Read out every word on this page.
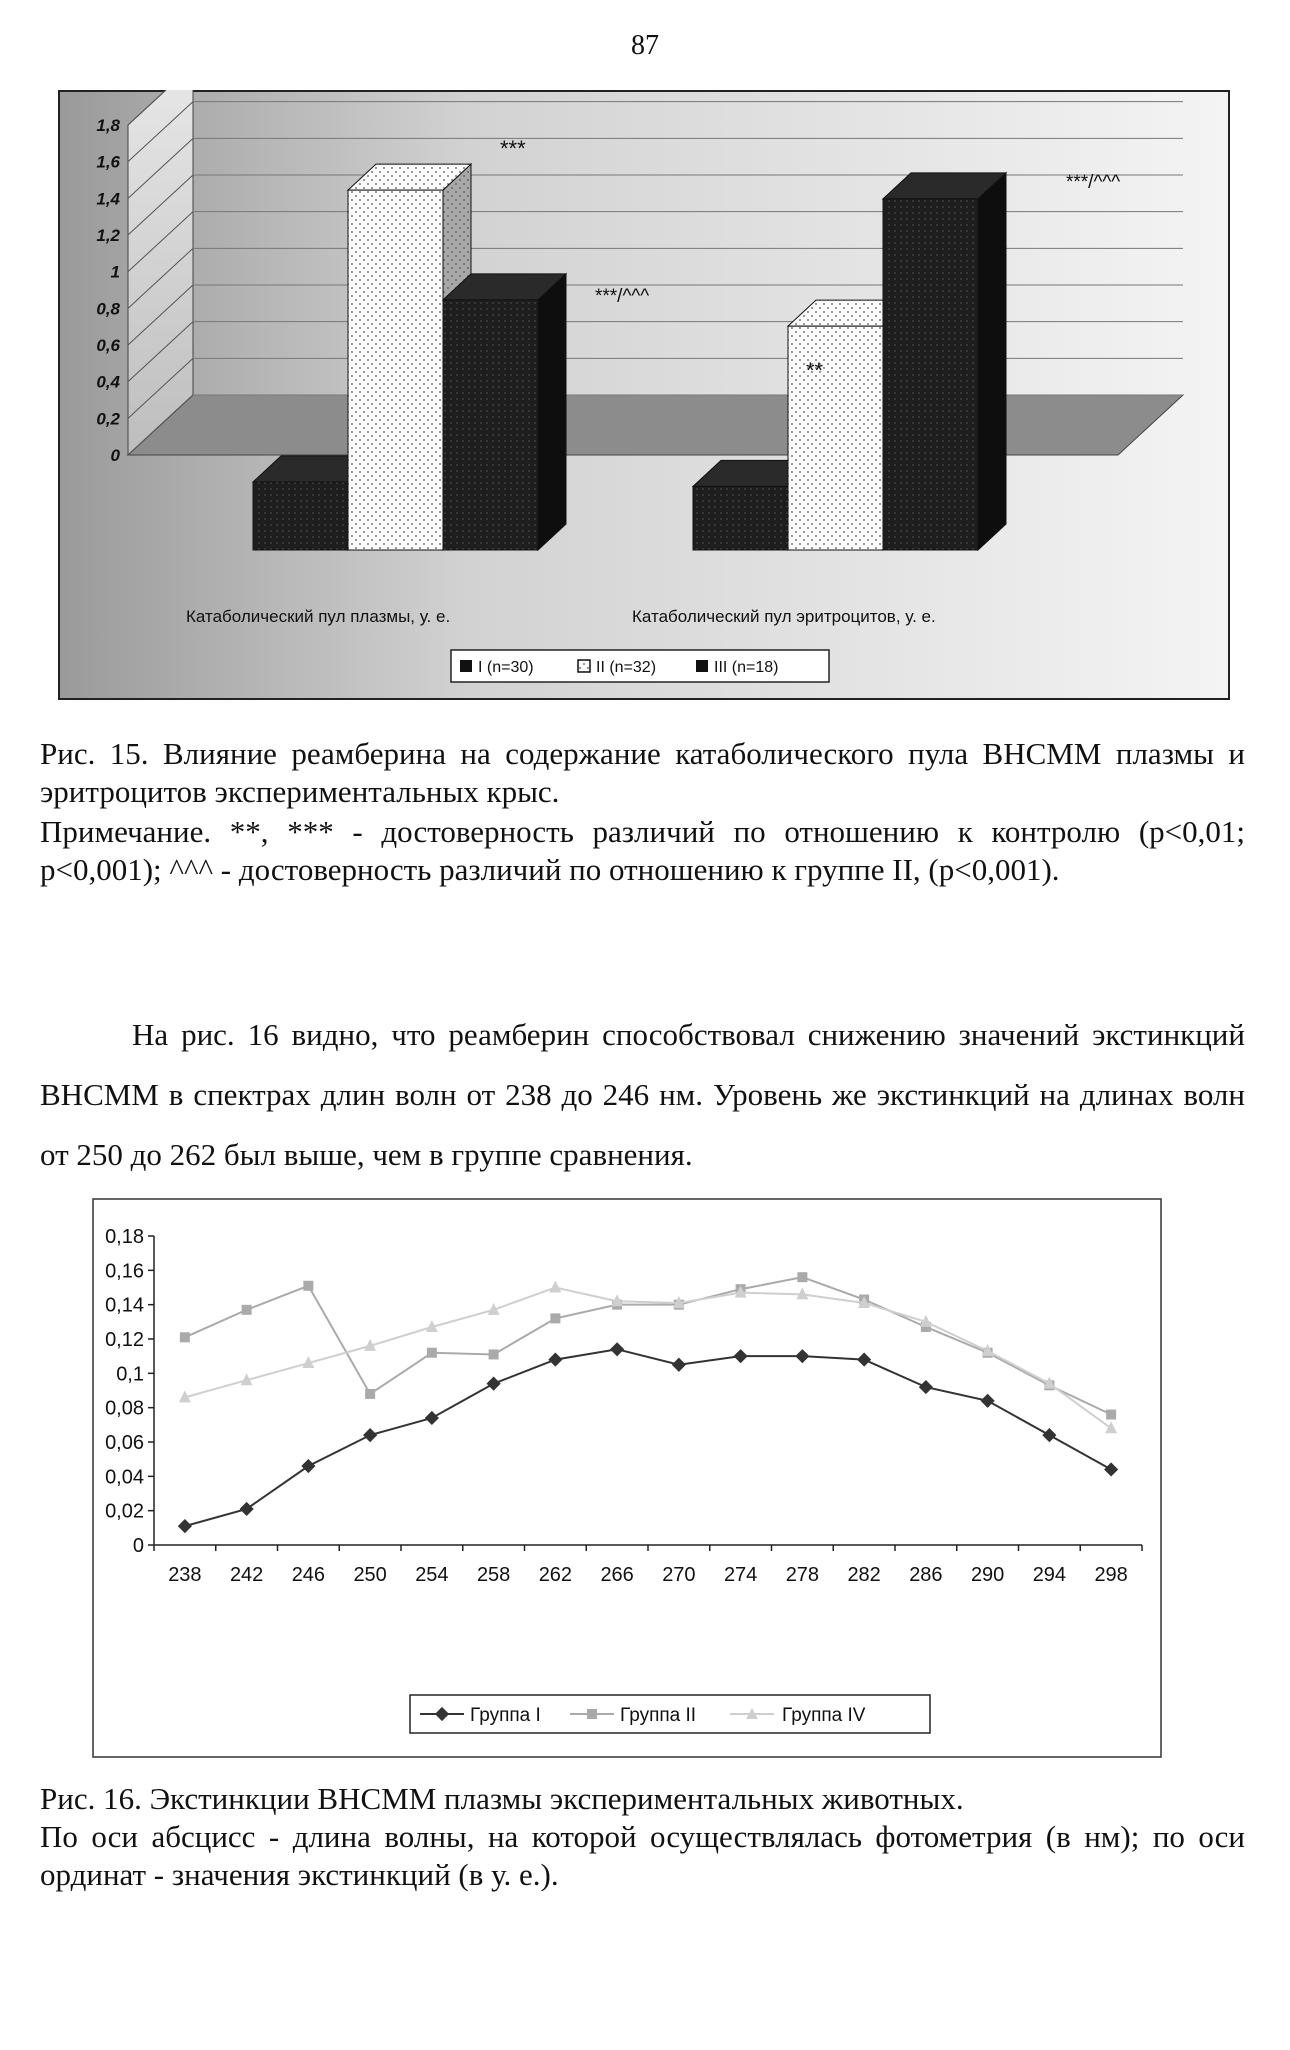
87
0
0,2
0,4
0,6
0,8
1
1,2
1,4
1,6
1,8
***
***/^^^
**
***/^^^
Катаболический пул плазмы, у. е.	Катаболический пул эритроцитов, у. е.
I (n=30)	II (n=32)	III (n=18)
Рис. 15. Влияние реамберина на содержание катаболического пула ВНСММ плазмы и эритроцитов экспериментальных крыс.
Примечание. **, *** - достоверность различий по отношению к контролю (p<0,01; p<0,001); ^^^ - достоверность различий по отношению к группе II, (p<0,001).
На рис. 16 видно, что реамберин способствовал снижению значений экстинкций ВНСММ в спектрах длин волн от 238 до 246 нм. Уровень же экстинкций на длинах волн от 250 до 262 был выше, чем в группе сравнения.
0
0,02
0,04
0,06
0,08
0,1
0,12
0,14
0,16
0,18
238 242 246 250 254 258 262 266 270 274 278 282 286 290 294 298
Группа I	Группа II	Группа IV
Рис. 16. Экстинкции ВНСММ плазмы экспериментальных животных.
По оси абсцисс - длина волны, на которой осуществлялась фотометрия (в нм); по оси ординат - значения экстинкций (в у. е.).
